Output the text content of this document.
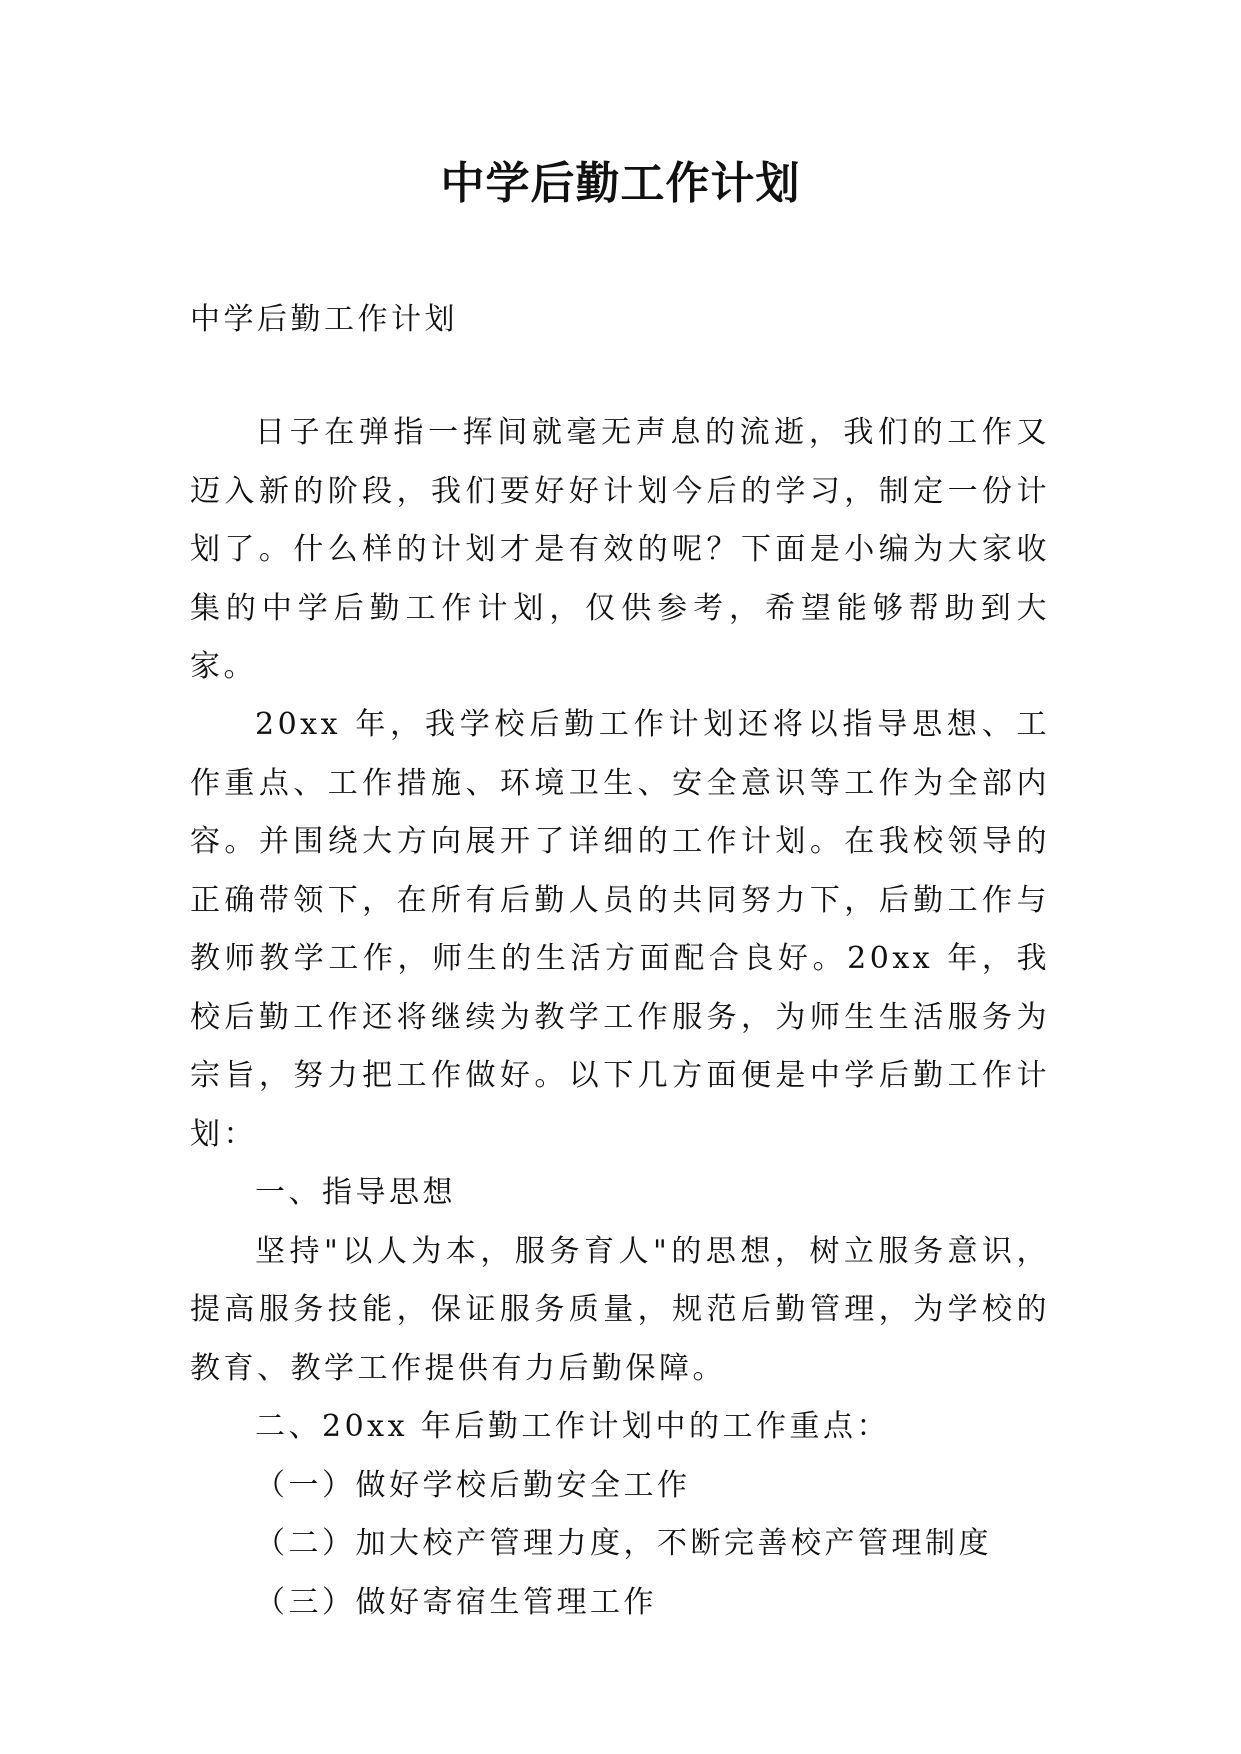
中学后勤工作计划
中学后勤工作计划

日子在弹指一挥间就毫无声息的流逝，我们的工作又迈入新的阶段，我们要好好计划今后的学习，制定一份计划了。什么样的计划才是有效的呢？下面是小编为大家收集的中学后勤工作计划，仅供参考，希望能够帮助到大家。

20xx 年，我学校后勤工作计划还将以指导思想、工作重点、工作措施、环境卫生、安全意识等工作为全部内容。并围绕大方向展开了详细的工作计划。在我校领导的正确带领下，在所有后勤人员的共同努力下，后勤工作与教师教学工作，师生的生活方面配合良好。20xx 年，我校后勤工作还将继续为教学工作服务，为师生生活服务为宗旨，努力把工作做好。以下几方面便是中学后勤工作计划：

一、指导思想

坚持"以人为本，服务育人"的思想，树立服务意识，提高服务技能，保证服务质量，规范后勤管理，为学校的教育、教学工作提供有力后勤保障。

二、20xx 年后勤工作计划中的工作重点：

（一）做好学校后勤安全工作

（二）加大校产管理力度，不断完善校产管理制度

（三）做好寄宿生管理工作
